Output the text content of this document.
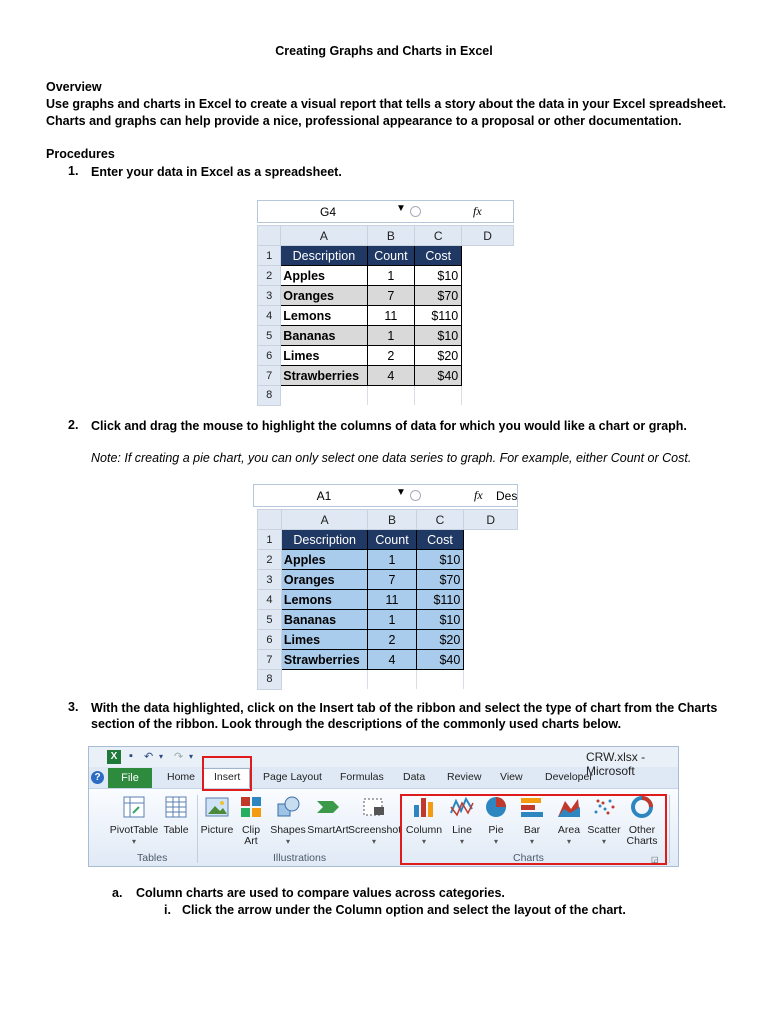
Creating Graphs and Charts in Excel
Overview
Use graphs and charts in Excel to create a visual report that tells a story about the data in your Excel spreadsheet.
Charts and graphs can help provide a nice, professional appearance to a proposal or other documentation.
Procedures
1. Enter your data in Excel as a spreadsheet.
G4	▼	fx
	A	B	C	D
1	Description	Count	Cost	
2	Apples	1	$10	
3	Oranges	7	$70	
4	Lemons	11	$110	
5	Bananas	1	$10	
6	Limes	2	$20	
7	Strawberries	4	$40	
8				
2. Click and drag the mouse to highlight the columns of data for which you would like a chart or graph.
Note: If creating a pie chart, you can only select one data series to graph. For example, either Count or Cost.
A1	▼	fx Des
	A	B	C	D
1	Description	Count	Cost	
2	Apples	1	$10	
3	Oranges	7	$70	
4	Lemons	11	$110	
5	Bananas	1	$10	
6	Limes	2	$20	
7	Strawberries	4	$40	
8				
3. With the data highlighted, click on the Insert tab of the ribbon and select the type of chart from the Charts
section of the ribbon. Look through the descriptions of the commonly used charts below.
X	▪ ↶ ▾ ↷ ▾	CRW.xlsx - Microsoft
?	File	Home Insert Page Layout Formulas Data Review View Developer
PivotTable
▾
Table
Tables
Picture Clip
Art
Shapes
▾
SmartArt Screenshot
▾
Illustrations
Column
▾
Line
▾
Pie
▾
Bar
▾
Area
▾
Scatter
▾
Other
Charts
Charts	◲
a. Column charts are used to compare values across categories.
i. Click the arrow under the Column option and select the layout of the chart.
